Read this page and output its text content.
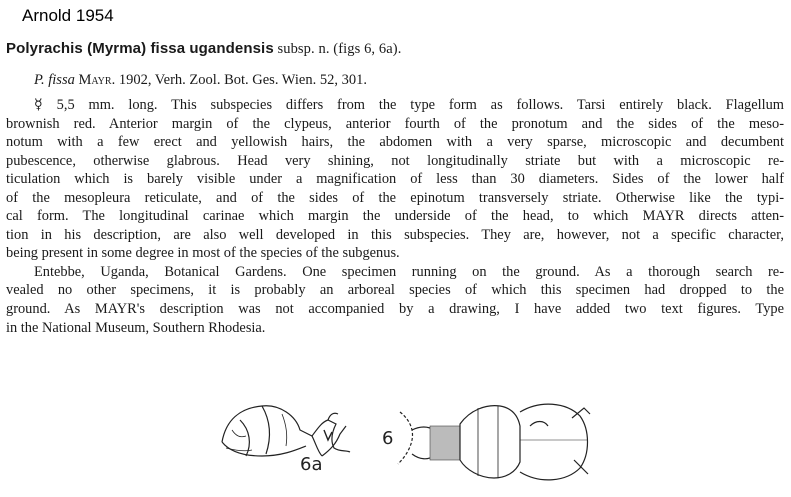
Arnold 1954
Polyrachis (Myrma) fissa ugandensis subsp. n. (figs 6, 6a).
P. fissa Mayr. 1902, Verh. Zool. Bot. Ges. Wien. 52, 301.
☿ 5,5 mm. long. This subspecies differs from the type form as follows. Tarsi entirely black. Flagellum
brownish red. Anterior margin of the clypeus, anterior fourth of the pronotum and the sides of the meso-
notum with a few erect and yellowish hairs, the abdomen with a very sparse, microscopic and decumbent
pubescence, otherwise glabrous. Head very shining, not longitudinally striate but with a microscopic re-
ticulation which is barely visible under a magnification of less than 30 diameters. Sides of the lower half
of the mesopleura reticulate, and of the sides of the epinotum transversely striate. Otherwise like the typi-
cal form. The longitudinal carinae which margin the underside of the head, to which MAYR directs atten-
tion in his description, are also well developed in this subspecies. They are, however, not a specific character,
being present in some degree in most of the species of the subgenus.
Entebbe, Uganda, Botanical Gardens. One specimen running on the ground. As a thorough search re-
vealed no other specimens, it is probably an arboreal species of which this specimen had dropped to the
ground. As MAYR's description was not accompanied by a drawing, I have added two text figures. Type
in the National Museum, Southern Rhodesia.
6a
6
